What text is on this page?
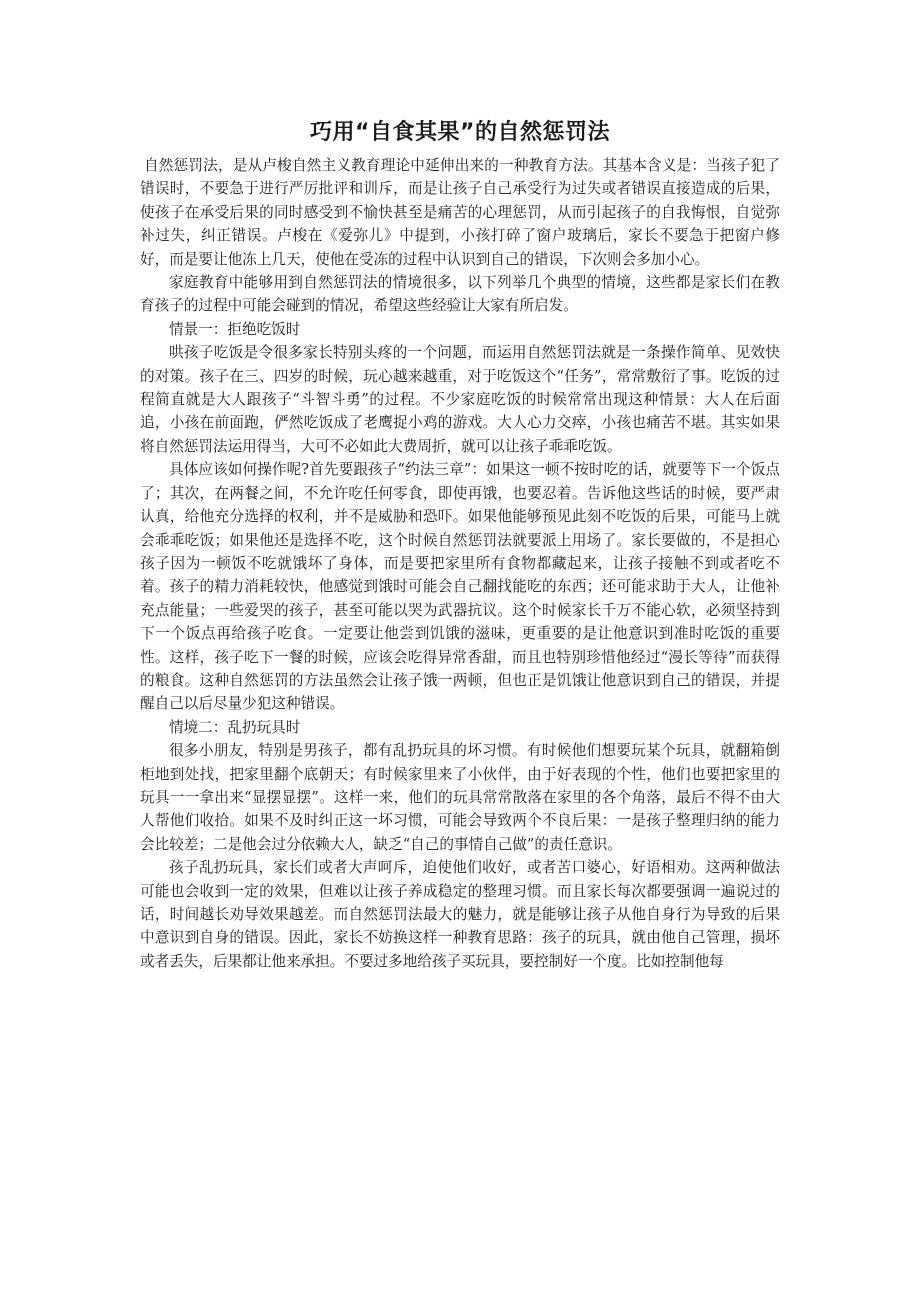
巧用“自食其果”的自然惩罚法

自然惩罚法，是从卢梭自然主义教育理论中延伸出来的一种教育方法。其基本含义是：当孩子犯了错误时，不要急于进行严厉批评和训斥，而是让孩子自己承受行为过失或者错误直接造成的后果，使孩子在承受后果的同时感受到不愉快甚至是痛苦的心理惩罚，从而引起孩子的自我悔恨，自觉弥补过失，纠正错误。卢梭在《爱弥儿》中提到，小孩打碎了窗户玻璃后，家长不要急于把窗户修好，而是要让他冻上几天，使他在受冻的过程中认识到自己的错误，下次则会多加小心。

家庭教育中能够用到自然惩罚法的情境很多，以下列举几个典型的情境，这些都是家长们在教育孩子的过程中可能会碰到的情况，希望这些经验让大家有所启发。

情景一：拒绝吃饭时

哄孩子吃饭是令很多家长特别头疼的一个问题，而运用自然惩罚法就是一条操作简单、见效快的对策。孩子在三、四岁的时候，玩心越来越重，对于吃饭这个“任务”，常常敷衍了事。吃饭的过程简直就是大人跟孩子“斗智斗勇”的过程。不少家庭吃饭的时候常常出现这种情景：大人在后面追，小孩在前面跑，俨然吃饭成了老鹰捉小鸡的游戏。大人心力交瘁，小孩也痛苦不堪。其实如果将自然惩罚法运用得当，大可不必如此大费周折，就可以让孩子乖乖吃饭。

具体应该如何操作呢?首先要跟孩子“约法三章”：如果这一顿不按时吃的话，就要等下一个饭点了；其次，在两餐之间，不允许吃任何零食，即使再饿，也要忍着。告诉他这些话的时候，要严肃认真，给他充分选择的权利，并不是威胁和恐吓。如果他能够预见此刻不吃饭的后果，可能马上就会乖乖吃饭；如果他还是选择不吃，这个时候自然惩罚法就要派上用场了。家长要做的，不是担心孩子因为一顿饭不吃就饿坏了身体，而是要把家里所有食物都藏起来，让孩子接触不到或者吃不着。孩子的精力消耗较快，他感觉到饿时可能会自己翻找能吃的东西；还可能求助于大人，让他补充点能量；一些爱哭的孩子，甚至可能以哭为武器抗议。这个时候家长千万不能心软，必须坚持到下一个饭点再给孩子吃食。一定要让他尝到饥饿的滋味，更重要的是让他意识到准时吃饭的重要性。这样，孩子吃下一餐的时候，应该会吃得异常香甜，而且也特别珍惜他经过“漫长等待”而获得的粮食。这种自然惩罚的方法虽然会让孩子饿一两顿，但也正是饥饿让他意识到自己的错误，并提醒自己以后尽量少犯这种错误。

情境二：乱扔玩具时

很多小朋友，特别是男孩子，都有乱扔玩具的坏习惯。有时候他们想要玩某个玩具，就翻箱倒柜地到处找，把家里翻个底朝天；有时候家里来了小伙伴，由于好表现的个性，他们也要把家里的玩具一一拿出来“显摆显摆”。这样一来，他们的玩具常常散落在家里的各个角落，最后不得不由大人帮他们收拾。如果不及时纠正这一坏习惯，可能会导致两个不良后果：一是孩子整理归纳的能力会比较差；二是他会过分依赖大人，缺乏“自己的事情自己做”的责任意识。

孩子乱扔玩具，家长们或者大声呵斥，迫使他们收好，或者苦口婆心，好语相劝。这两种做法可能也会收到一定的效果，但难以让孩子养成稳定的整理习惯。而且家长每次都要强调一遍说过的话，时间越长劝导效果越差。而自然惩罚法最大的魅力，就是能够让孩子从他自身行为导致的后果中意识到自身的错误。因此，家长不妨换这样一种教育思路：孩子的玩具，就由他自己管理，损坏或者丢失，后果都让他来承担。不要过多地给孩子买玩具，要控制好一个度。比如控制他每
